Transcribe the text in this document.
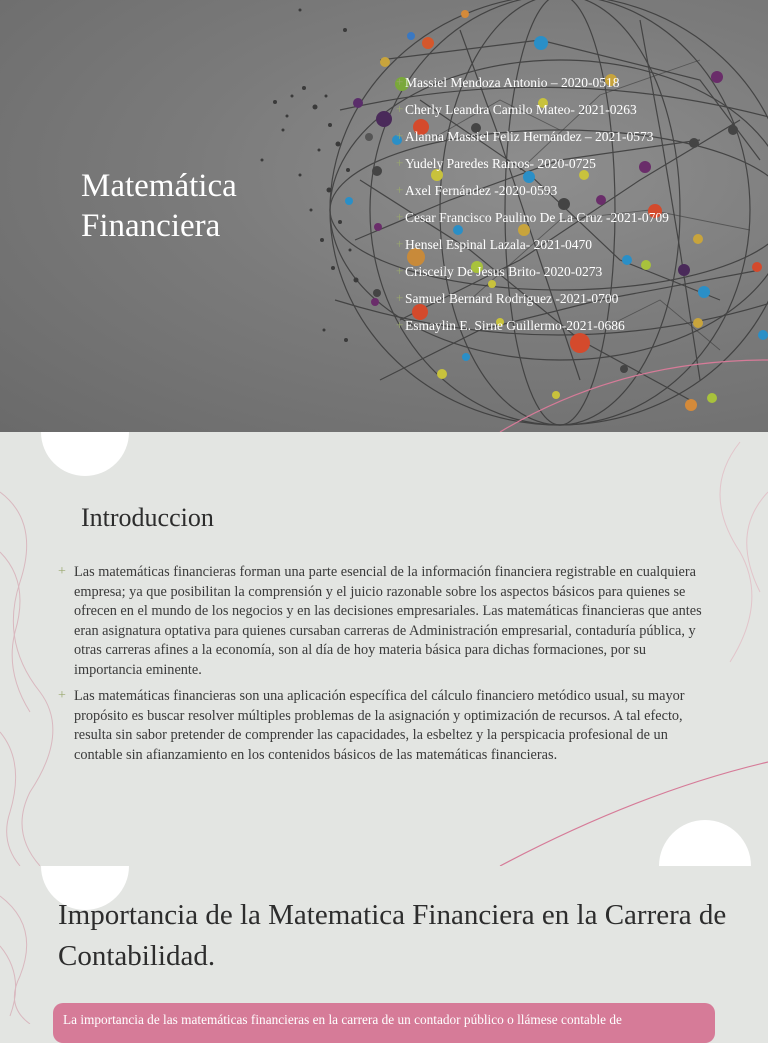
Matemática
Financiera
+ Massiel Mendoza Antonio – 2020-0518
+ Cherly Leandra Camilo Mateo- 2021-0263
+ Alanna Massiel Feliz Hernández – 2021-0573
+ Yudely Paredes Ramos- 2020-0725
+ Axel Fernández -2020-0593
+ Cesar Francisco Paulino De La Cruz -2021-0709
+ Hensel Espinal Lazala- 2021-0470
+ Crisceily De Jesus Brito- 2020-0273
+ Samuel Bernard Rodriguez -2021-0700
+ Esmaylin E. Sirne Guillermo-2021-0686
Introduccion

+ Las matemáticas financieras forman una parte esencial de la información financiera registrable en cualquiera empresa; ya que posibilitan la comprensión y el juicio razonable sobre los aspectos básicos para quienes se ofrecen en el mundo de los negocios y en las decisiones empresariales. Las matemáticas financieras que antes eran asignatura optativa para quienes cursaban carreras de Administración empresarial, contaduría pública, y otras carreras afines a la economía, son al día de hoy materia básica para dichas formaciones, por su importancia eminente.

+ Las matemáticas financieras son una aplicación específica del cálculo financiero metódico usual, su mayor propósito es buscar resolver múltiples problemas de la asignación y optimización de recursos. A tal efecto, resulta sin sabor pretender de comprender las capacidades, la esbeltez y la perspicacia profesional de un contable sin afianzamiento en los contenidos básicos de las matemáticas financieras.

Importancia de la Matematica Financiera en la Carrera de Contabilidad.
La importancia de las matemáticas financieras en la carrera de un contador público o llámese contable de
